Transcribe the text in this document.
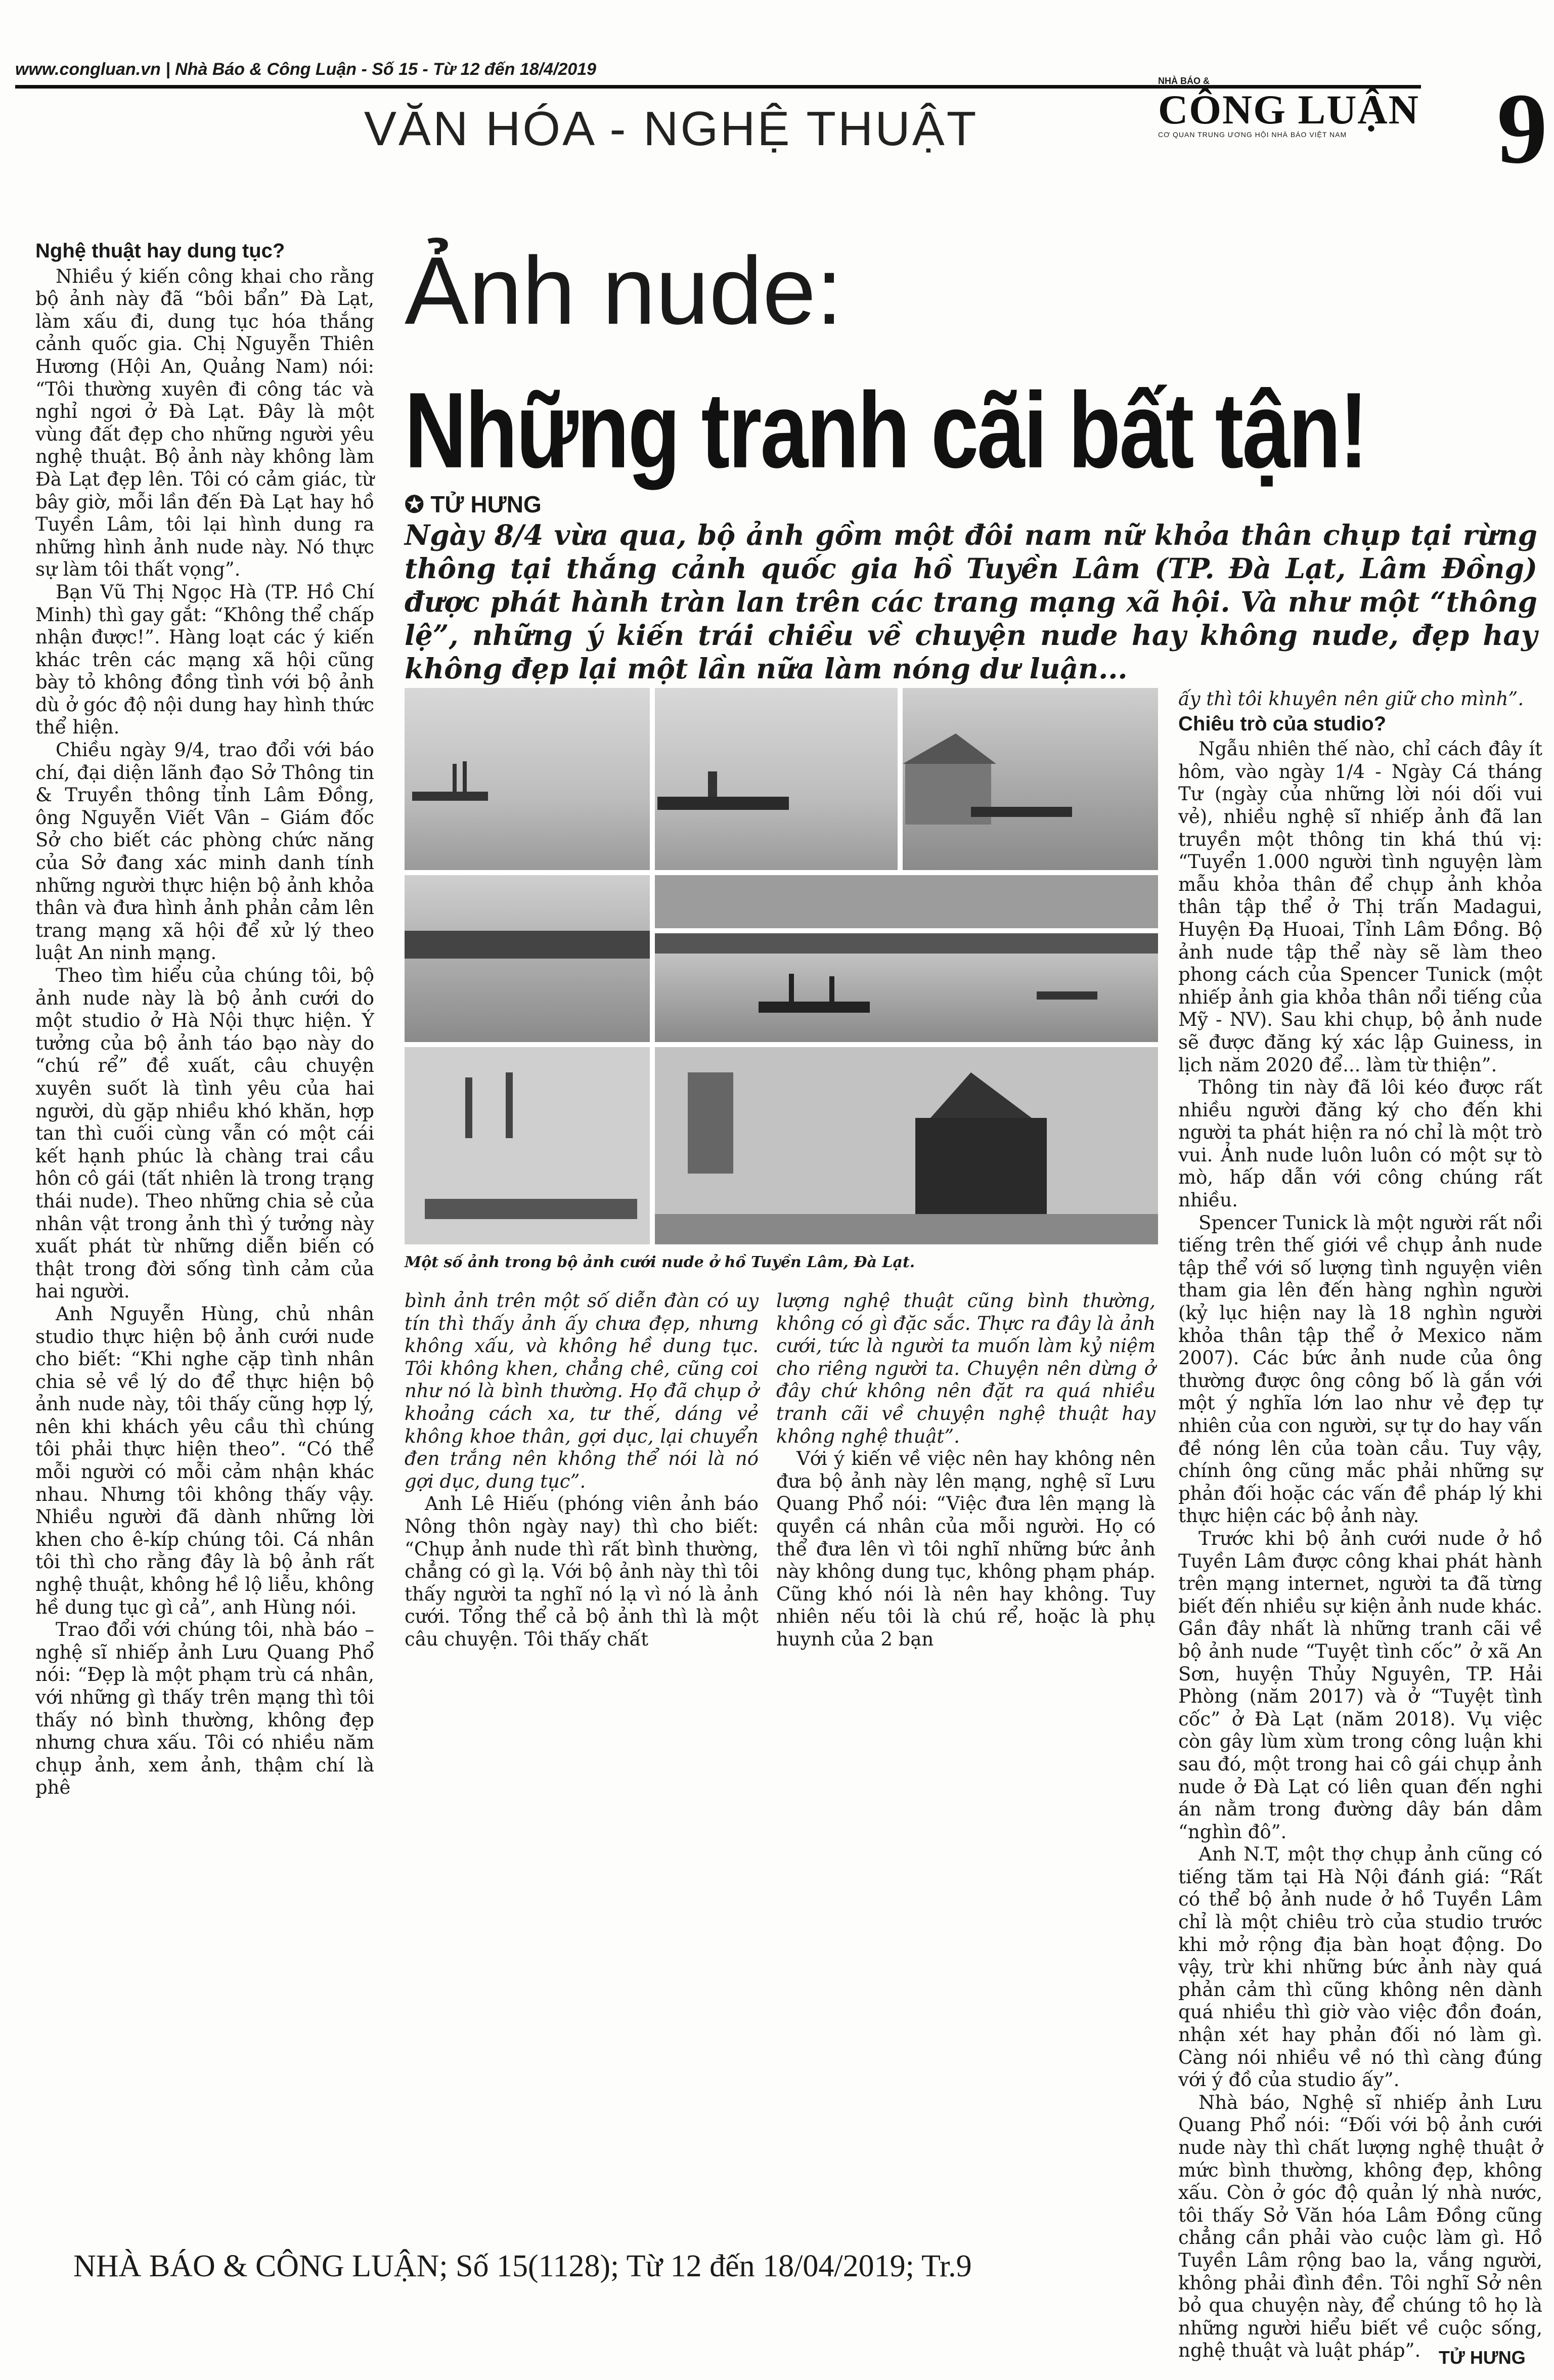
www.congluan.vn | Nhà Báo & Công Luận - Số 15 - Từ 12 đến 18/4/2019
VĂN HÓA - NGHỆ THUẬT
NHÀ BÁO &
CÔNG LUẬN
CƠ QUAN TRUNG ƯƠNG HỘI NHÀ BÁO VIỆT NAM 9
Ảnh nude:
Những tranh cãi bất tận!
✪ TỬ HƯNG
Ngày 8/4 vừa qua, bộ ảnh gồm một đôi nam nữ khỏa thân chụp tại rừng thông tại thắng cảnh quốc gia hồ Tuyền Lâm (TP. Đà Lạt, Lâm Đồng) được phát hành tràn lan trên các trang mạng xã hội. Và như một “thông lệ”, những ý kiến trái chiều về chuyện nude hay không nude, đẹp hay không đẹp lại một lần nữa làm nóng dư luận...

Nghệ thuật hay dung tục?

Nhiều ý kiến công khai cho rằng bộ ảnh này đã “bôi bẩn” Đà Lạt, làm xấu đi, dung tục hóa thắng cảnh quốc gia. Chị Nguyễn Thiên Hương (Hội An, Quảng Nam) nói: “Tôi thường xuyên đi công tác và nghỉ ngơi ở Đà Lạt. Đây là một vùng đất đẹp cho những người yêu nghệ thuật. Bộ ảnh này không làm Đà Lạt đẹp lên. Tôi có cảm giác, từ bây giờ, mỗi lần đến Đà Lạt hay hồ Tuyền Lâm, tôi lại hình dung ra những hình ảnh nude này. Nó thực sự làm tôi thất vọng”.

Bạn Vũ Thị Ngọc Hà (TP. Hồ Chí Minh) thì gay gắt: “Không thể chấp nhận được!”. Hàng loạt các ý kiến khác trên các mạng xã hội cũng bày tỏ không đồng tình với bộ ảnh dù ở góc độ nội dung hay hình thức thể hiện.

Chiều ngày 9/4, trao đổi với báo chí, đại diện lãnh đạo Sở Thông tin & Truyền thông tỉnh Lâm Đồng, ông Nguyễn Viết Vân – Giám đốc Sở cho biết các phòng chức năng của Sở đang xác minh danh tính những người thực hiện bộ ảnh khỏa thân và đưa hình ảnh phản cảm lên trang mạng xã hội để xử lý theo luật An ninh mạng.

Theo tìm hiểu của chúng tôi, bộ ảnh nude này là bộ ảnh cưới do một studio ở Hà Nội thực hiện. Ý tưởng của bộ ảnh táo bạo này do “chú rể” đề xuất, câu chuyện xuyên suốt là tình yêu của hai người, dù gặp nhiều khó khăn, hợp tan thì cuối cùng vẫn có một cái kết hạnh phúc là chàng trai cầu hôn cô gái (tất nhiên là trong trạng thái nude). Theo những chia sẻ của nhân vật trong ảnh thì ý tưởng này xuất phát từ những diễn biến có thật trong đời sống tình cảm của hai người.

Anh Nguyễn Hùng, chủ nhân studio thực hiện bộ ảnh cưới nude cho biết: “Khi nghe cặp tình nhân chia sẻ về lý do để thực hiện bộ ảnh nude này, tôi thấy cũng hợp lý, nên khi khách yêu cầu thì chúng tôi phải thực hiện theo”. “Có thể mỗi người có mỗi cảm nhận khác nhau. Nhưng tôi không thấy vậy. Nhiều người đã dành những lời khen cho ê-kíp chúng tôi. Cá nhân tôi thì cho rằng đây là bộ ảnh rất nghệ thuật, không hề lộ liễu, không hề dung tục gì cả”, anh Hùng nói.

Trao đổi với chúng tôi, nhà báo – nghệ sĩ nhiếp ảnh Lưu Quang Phổ nói: “Đẹp là một phạm trù cá nhân, với những gì thấy trên mạng thì tôi thấy nó bình thường, không đẹp nhưng chưa xấu. Tôi có nhiều năm chụp ảnh, xem ảnh, thậm chí là phê

Một số ảnh trong bộ ảnh cưới nude ở hồ Tuyền Lâm, Đà Lạt.

bình ảnh trên một số diễn đàn có uy tín thì thấy ảnh ấy chưa đẹp, nhưng không xấu, và không hề dung tục. Tôi không khen, chẳng chê, cũng coi như nó là bình thường. Họ đã chụp ở khoảng cách xa, tư thế, dáng vẻ không khoe thân, gợi dục, lại chuyển đen trắng nên không thể nói là nó gợi dục, dung tục”.

Anh Lê Hiếu (phóng viên ảnh báo Nông thôn ngày nay) thì cho biết: “Chụp ảnh nude thì rất bình thường, chẳng có gì lạ. Với bộ ảnh này thì tôi thấy người ta nghĩ nó lạ vì nó là ảnh cưới. Tổng thể cả bộ ảnh thì là một câu chuyện. Tôi thấy chất

lượng nghệ thuật cũng bình thường, không có gì đặc sắc. Thực ra đây là ảnh cưới, tức là người ta muốn làm kỷ niệm cho riêng người ta. Chuyện nên dừng ở đây chứ không nên đặt ra quá nhiều tranh cãi về chuyện nghệ thuật hay không nghệ thuật”.

Với ý kiến về việc nên hay không nên đưa bộ ảnh này lên mạng, nghệ sĩ Lưu Quang Phổ nói: “Việc đưa lên mạng là quyền cá nhân của mỗi người. Họ có thể đưa lên vì tôi nghĩ những bức ảnh này không dung tục, không phạm pháp. Cũng khó nói là nên hay không. Tuy nhiên nếu tôi là chú rể, hoặc là phụ huynh của 2 bạn

ấy thì tôi khuyên nên giữ cho mình”.

Chiêu trò của studio?

Ngẫu nhiên thế nào, chỉ cách đây ít hôm, vào ngày 1/4 - Ngày Cá tháng Tư (ngày của những lời nói dối vui vẻ), nhiều nghệ sĩ nhiếp ảnh đã lan truyền một thông tin khá thú vị: “Tuyển 1.000 người tình nguyện làm mẫu khỏa thân để chụp ảnh khỏa thân tập thể ở Thị trấn Madagui, Huyện Đạ Huoai, Tỉnh Lâm Đồng. Bộ ảnh nude tập thể này sẽ làm theo phong cách của Spencer Tunick (một nhiếp ảnh gia khỏa thân nổi tiếng của Mỹ - NV). Sau khi chụp, bộ ảnh nude sẽ được đăng ký xác lập Guiness, in lịch năm 2020 để... làm từ thiện”.

Thông tin này đã lôi kéo được rất nhiều người đăng ký cho đến khi người ta phát hiện ra nó chỉ là một trò vui. Ảnh nude luôn luôn có một sự tò mò, hấp dẫn với công chúng rất nhiều.

Spencer Tunick là một người rất nổi tiếng trên thế giới về chụp ảnh nude tập thể với số lượng tình nguyện viên tham gia lên đến hàng nghìn người (kỷ lục hiện nay là 18 nghìn người khỏa thân tập thể ở Mexico năm 2007). Các bức ảnh nude của ông thường được ông công bố là gắn với một ý nghĩa lớn lao như vẻ đẹp tự nhiên của con người, sự tự do hay vấn đề nóng lên của toàn cầu. Tuy vậy, chính ông cũng mắc phải những sự phản đối hoặc các vấn đề pháp lý khi thực hiện các bộ ảnh này.

Trước khi bộ ảnh cưới nude ở hồ Tuyền Lâm được công khai phát hành trên mạng internet, người ta đã từng biết đến nhiều sự kiện ảnh nude khác. Gần đây nhất là những tranh cãi về bộ ảnh nude “Tuyệt tình cốc” ở xã An Sơn, huyện Thủy Nguyên, TP. Hải Phòng (năm 2017) và ở “Tuyệt tình cốc” ở Đà Lạt (năm 2018). Vụ việc còn gây lùm xùm trong công luận khi sau đó, một trong hai cô gái chụp ảnh nude ở Đà Lạt có liên quan đến nghi án nằm trong đường dây bán dâm “nghìn đô”.

Anh N.T, một thợ chụp ảnh cũng có tiếng tăm tại Hà Nội đánh giá: “Rất có thể bộ ảnh nude ở hồ Tuyền Lâm chỉ là một chiêu trò của studio trước khi mở rộng địa bàn hoạt động. Do vậy, trừ khi những bức ảnh này quá phản cảm thì cũng không nên dành quá nhiều thì giờ vào việc đồn đoán, nhận xét hay phản đối nó làm gì. Càng nói nhiều về nó thì càng đúng với ý đồ của studio ấy”.

Nhà báo, Nghệ sĩ nhiếp ảnh Lưu Quang Phổ nói: “Đối với bộ ảnh cưới nude này thì chất lượng nghệ thuật ở mức bình thường, không đẹp, không xấu. Còn ở góc độ quản lý nhà nước, tôi thấy Sở Văn hóa Lâm Đồng cũng chẳng cần phải vào cuộc làm gì. Hồ Tuyền Lâm rộng bao la, vắng người, không phải đình đền. Tôi nghĩ Sở nên bỏ qua chuyện này, để chúng tô họ là những người hiểu biết về cuộc sống, nghệ thuật và luật pháp”. TỬ HƯNG
NHÀ BÁO & CÔNG LUẬN; Số 15(1128); Từ 12 đến 18/04/2019; Tr.9
